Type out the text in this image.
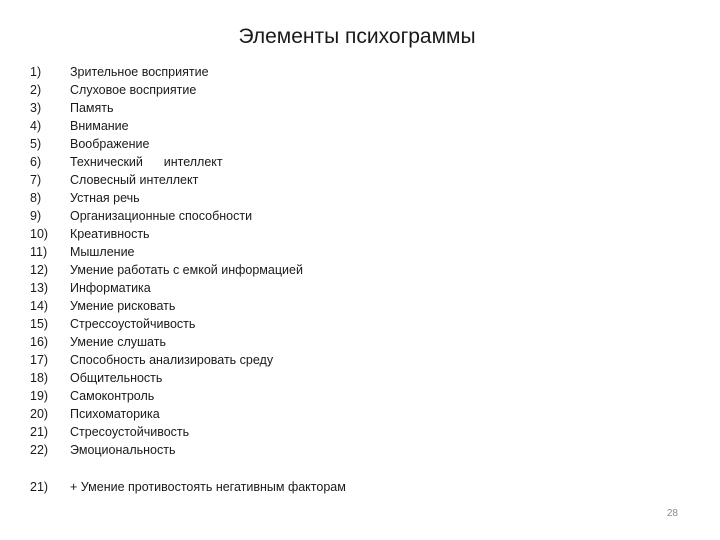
Элементы психограммы
1) Зрительное восприятие
2) Слуховое восприятие
3) Память
4) Внимание
5) Воображение
6) Технический      интеллект
7) Словесный интеллект
8) Устная речь
9) Организационные способности
10) Креативность
11) Мышление
12) Умение работать с емкой информацией
13) Информатика
14) Умение рисковать
15) Стрессоустойчивость
16) Умение слушать
17) Способность анализировать среду
18) Общительность
19) Самоконтроль
20) Психоматорика
21) Стресоустойчивость
22) Эмоциональность
21) + Умение противостоять негативным факторам
28
